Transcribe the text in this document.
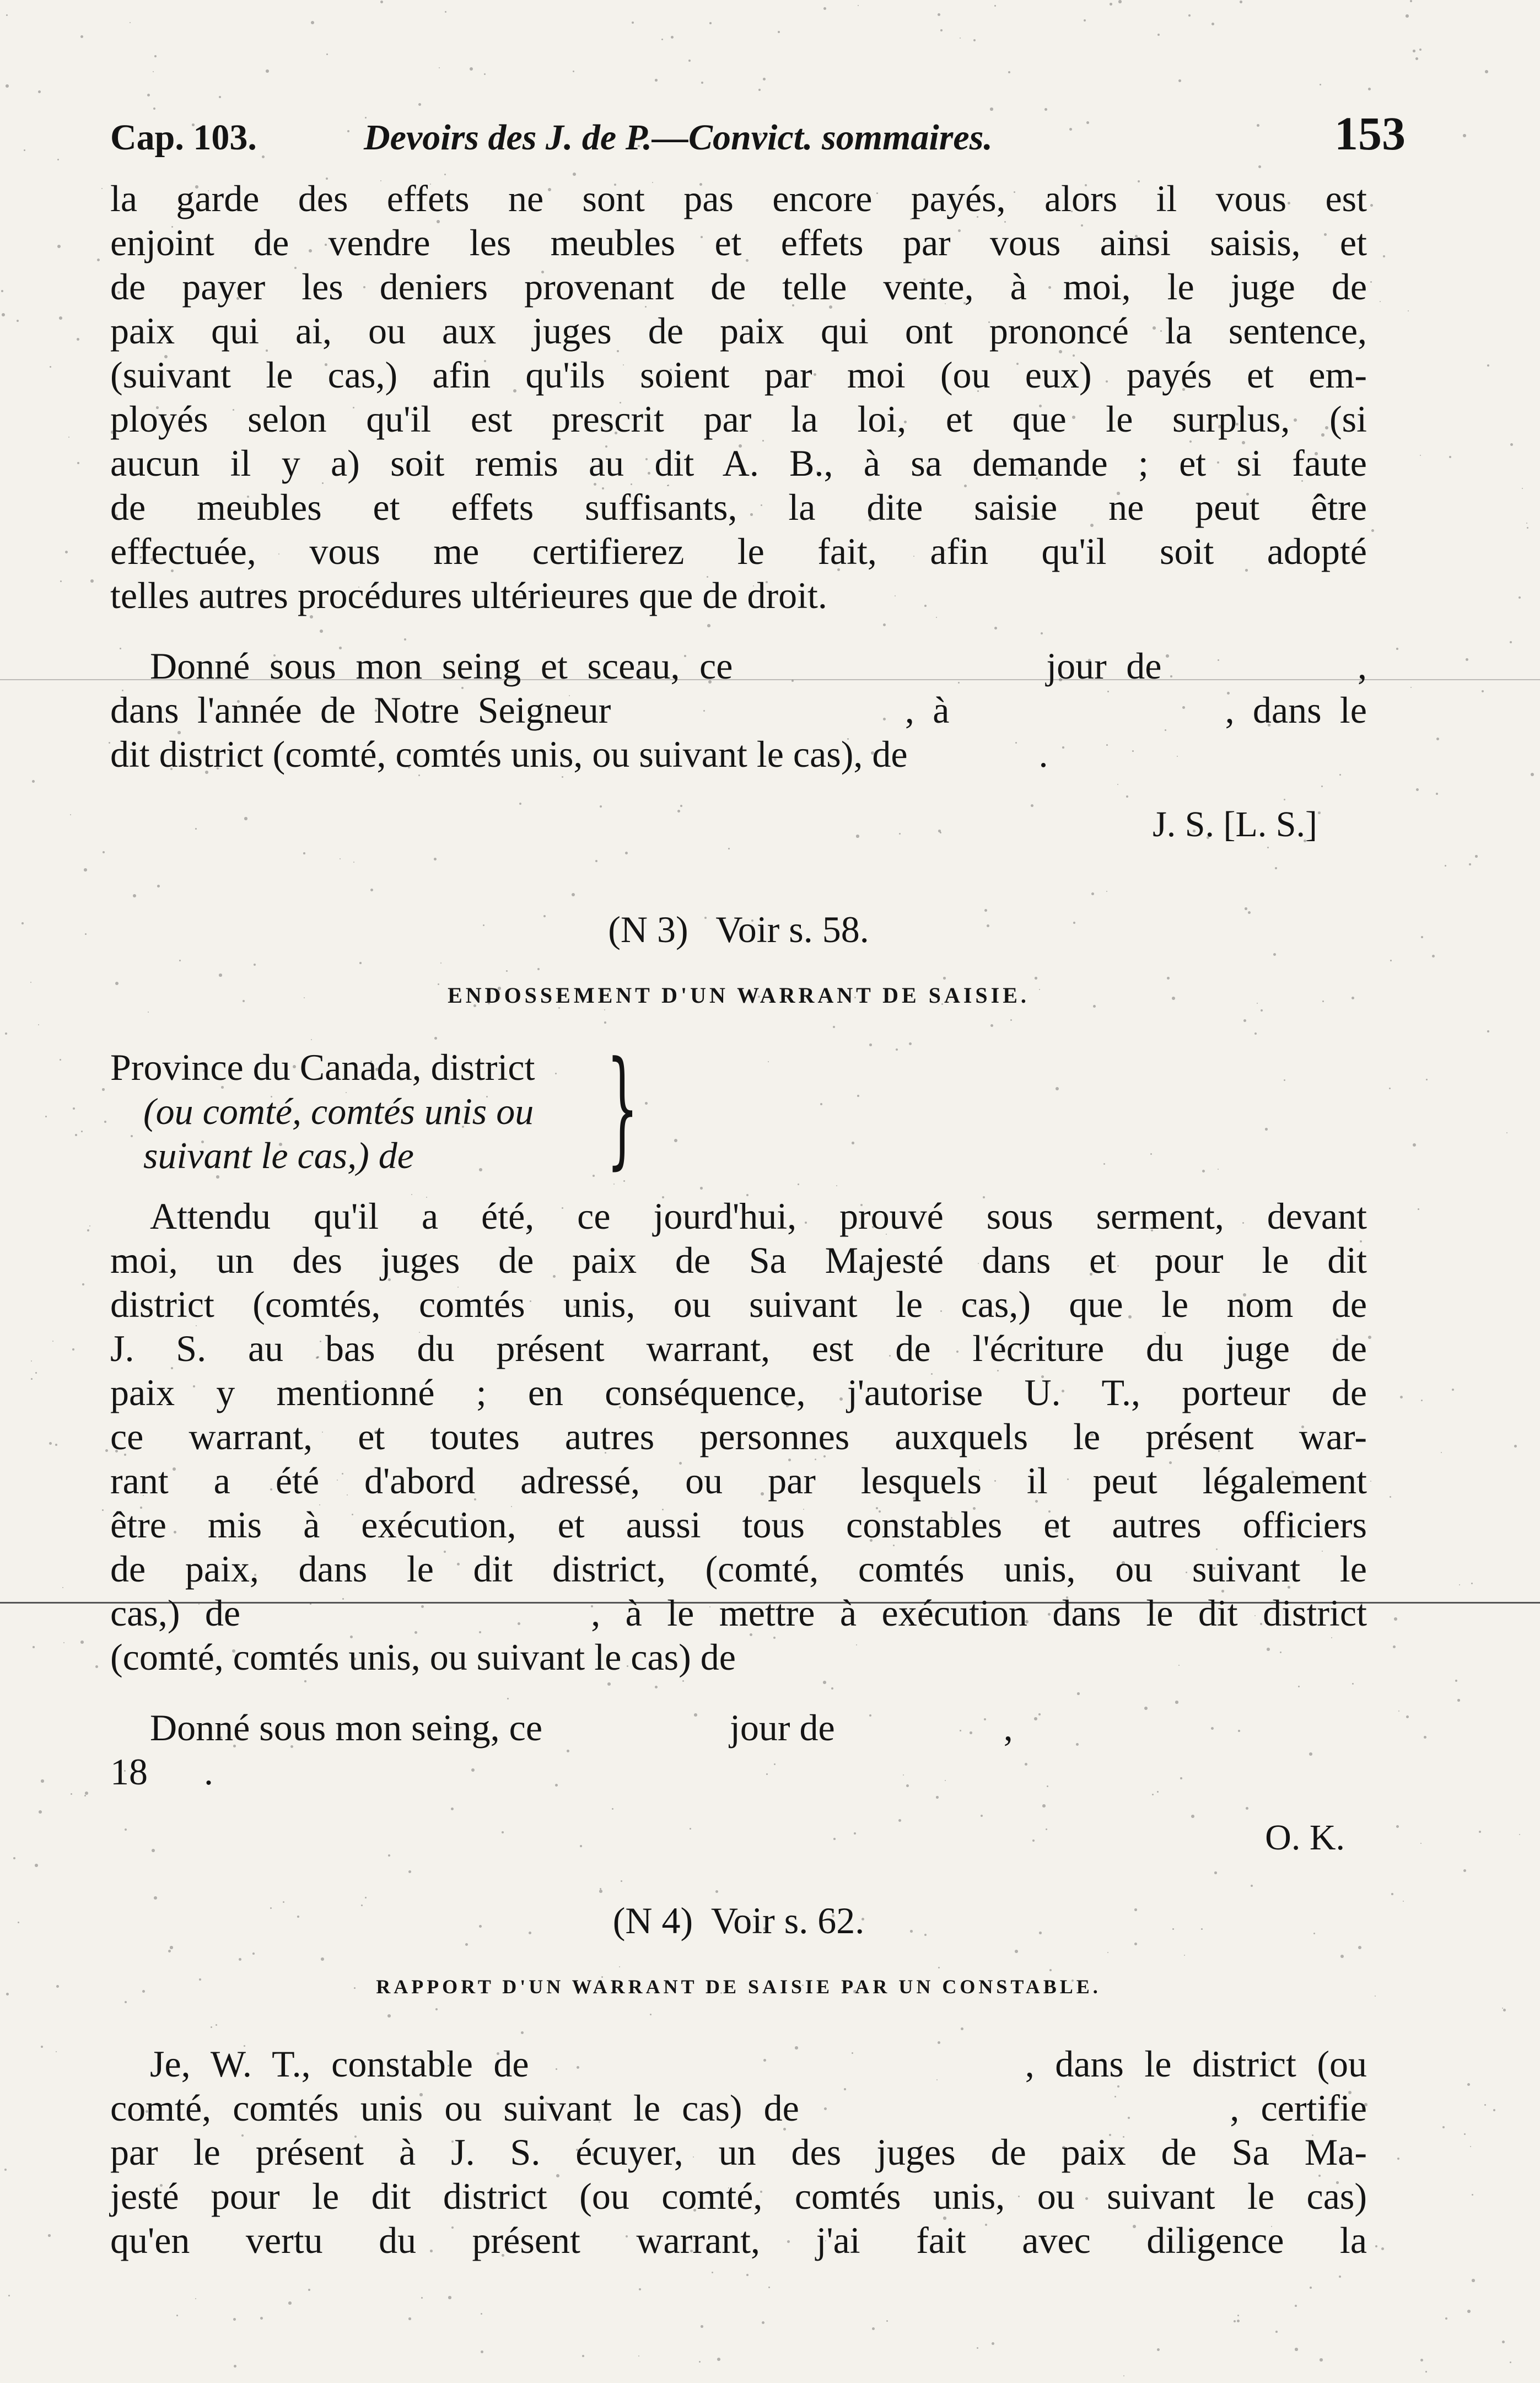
Cap. 103.	Devoirs des J. de P.—Convict. sommaires.	153

la garde des effets ne sont pas encore payés, alors il vous est
enjoint de vendre les meubles et effets par vous ainsi saisis, et
de payer les deniers provenant de telle vente, à moi, le juge de
paix qui ai, ou aux juges de paix qui ont prononcé la sentence,
(suivant le cas,) afin qu'ils soient par moi (ou eux) payés et em-
ployés selon qu'il est prescrit par la loi, et que le surplus, (si
aucun il y a) soit remis au dit A. B., à sa demande ; et si faute
de meubles et effets suffisants, la dite saisie ne peut être
effectuée, vous me certifierez le fait, afin qu'il soit adopté
telles autres procédures ultérieures que de droit.

Donné sous mon seing et sceau, ce                jour de          ,
dans l'année de Notre Seigneur                , à               , dans le
dit district (comté, comtés unis, ou suivant le cas), de              .

J. S. [L. S.]
(N 3)   Voir s. 58.
ENDOSSEMENT D'UN WARRANT DE SAISIE.
Province du Canada, district
(ou comté, comtés unis ou
suivant le cas,) de }

Attendu qu'il a été, ce jourd'hui, prouvé sous serment, devant
moi, un des juges de paix de Sa Majesté dans et pour le dit
district (comtés, comtés unis, ou suivant le cas,) que le nom de
J. S. au bas du présent warrant, est de l'écriture du juge de
paix y mentionné ; en conséquence, j'autorise U. T., porteur de
ce warrant, et toutes autres personnes auxquels le présent war-
rant a été d'abord adressé, ou par lesquels il peut légalement
être mis à exécution, et aussi tous constables et autres officiers
de paix, dans le dit district, (comté, comtés unis, ou suivant le
cas,) de              , à le mettre à exécution dans le dit district
(comté, comtés unis, ou suivant le cas) de

Donné sous mon seing, ce                    jour de                  ,
18      .

O. K.
(N 4)  Voir s. 62.
RAPPORT D'UN WARRANT DE SAISIE PAR UN CONSTABLE.

Je, W. T., constable de                        , dans le district (ou
comté, comtés unis ou suivant le cas) de                    , certifie
par le présent à J. S. écuyer, un des juges de paix de Sa Ma-
jesté pour le dit district (ou comté, comtés unis, ou suivant le cas)
qu'en vertu du présent warrant, j'ai fait avec diligence la
